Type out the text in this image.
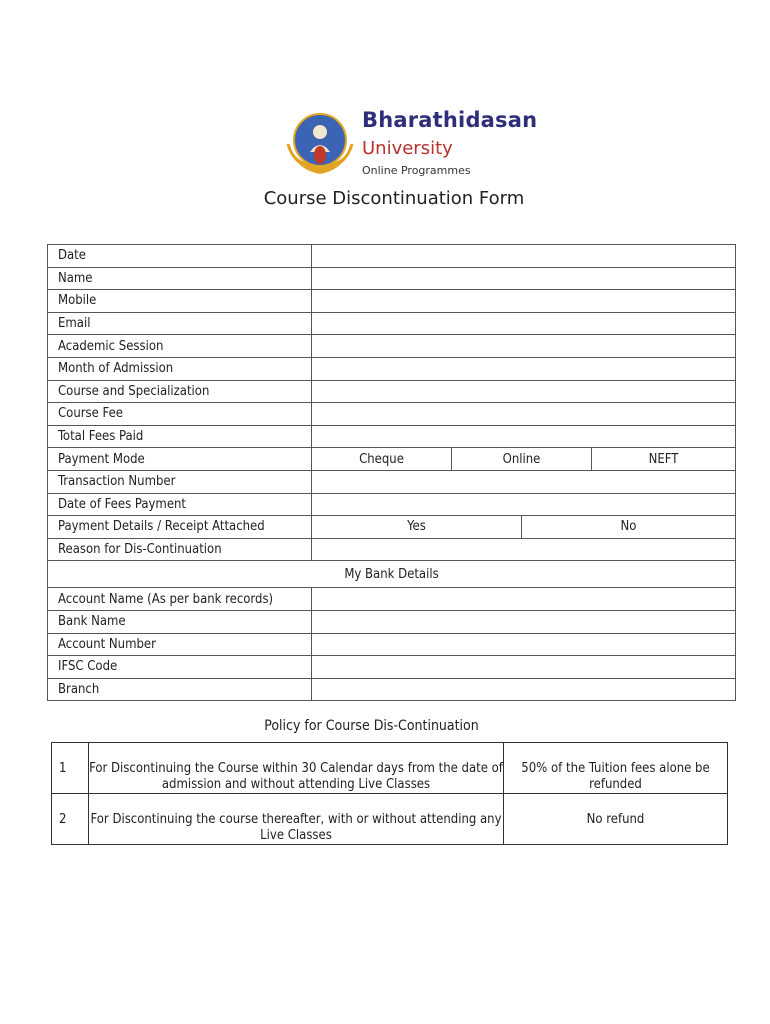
Bharathidasan
University
Online Programmes
Course Discontinuation Form
Date				
Name				
Mobile				
Email				
Academic Session				
Month of Admission				
Course and Specialization				
Course Fee				
Total Fees Paid				
Payment Mode	Cheque	Online		NEFT
Transaction Number				
Date of Fees Payment				
Payment Details / Receipt Attached	Yes		No	
Reason for Dis-Continuation				
My Bank Details				
Account Name (As per bank records)				
Bank Name				
Account Number				
IFSC Code				
Branch				
Policy for Course Dis-Continuation
1	For Discontinuing the Course within 30 Calendar days from the date of admission and without attending Live Classes	50% of the Tuition fees alone be refunded
2	For Discontinuing the course thereafter, with or without attending any Live Classes	No refund
